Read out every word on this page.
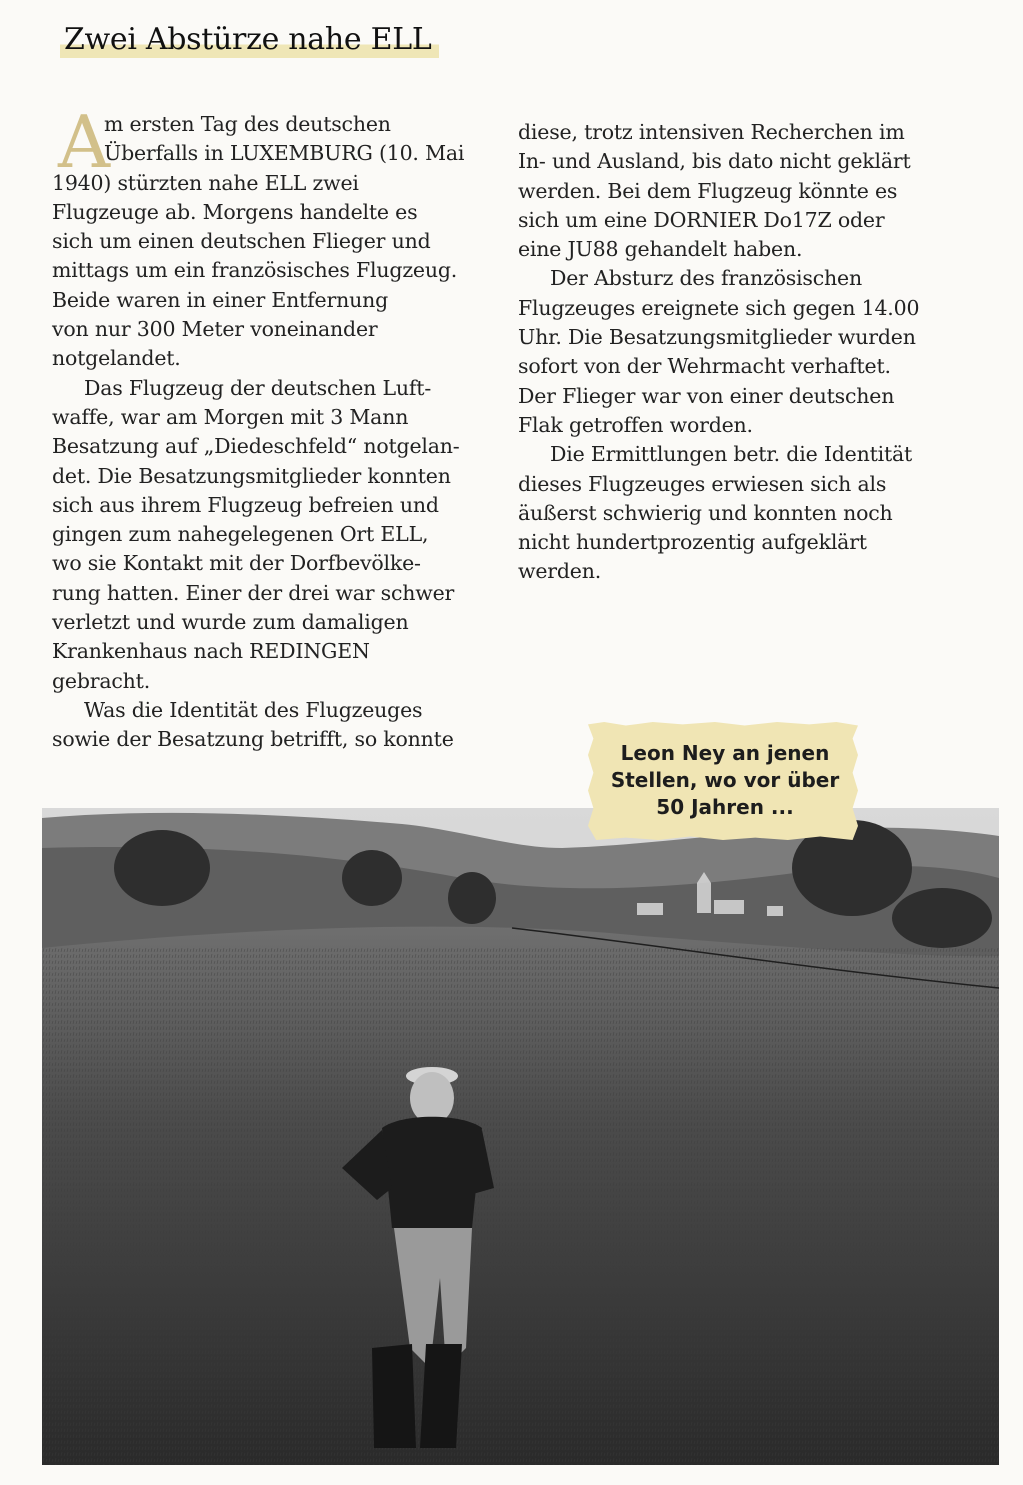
Zwei Abstürze nahe ELL
A
m ersten Tag des deutschen
Überfalls in LUXEMBURG (10. Mai
1940) stürzten nahe ELL zwei
Flugzeuge ab. Morgens handelte es
sich um einen deutschen Flieger und
mittags um ein französisches Flugzeug.
Beide waren in einer Entfernung
von nur 300 Meter voneinander
notgelandet.
Das Flugzeug der deutschen Luft-
waffe, war am Morgen mit 3 Mann
Besatzung auf „Diedeschfeld“ notgelan-
det. Die Besatzungsmitglieder konnten
sich aus ihrem Flugzeug befreien und
gingen zum nahegelegenen Ort ELL,
wo sie Kontakt mit der Dorfbevölke-
rung hatten. Einer der drei war schwer
verletzt und wurde zum damaligen
Krankenhaus nach REDINGEN
gebracht.
Was die Identität des Flugzeuges
sowie der Besatzung betrifft, so konnte
diese, trotz intensiven Recherchen im
In- und Ausland, bis dato nicht geklärt
werden. Bei dem Flugzeug könnte es
sich um eine DORNIER Do17Z oder
eine JU88 gehandelt haben.
Der Absturz des französischen
Flugzeuges ereignete sich gegen 14.00
Uhr. Die Besatzungsmitglieder wurden
sofort von der Wehrmacht verhaftet.
Der Flieger war von einer deutschen
Flak getroffen worden.
Die Ermittlungen betr. die Identität
dieses Flugzeuges erwiesen sich als
äußerst schwierig und konnten noch
nicht hundertprozentig aufgeklärt
werden.
Leon Ney an jenen
Stellen, wo vor über
50 Jahren ...
